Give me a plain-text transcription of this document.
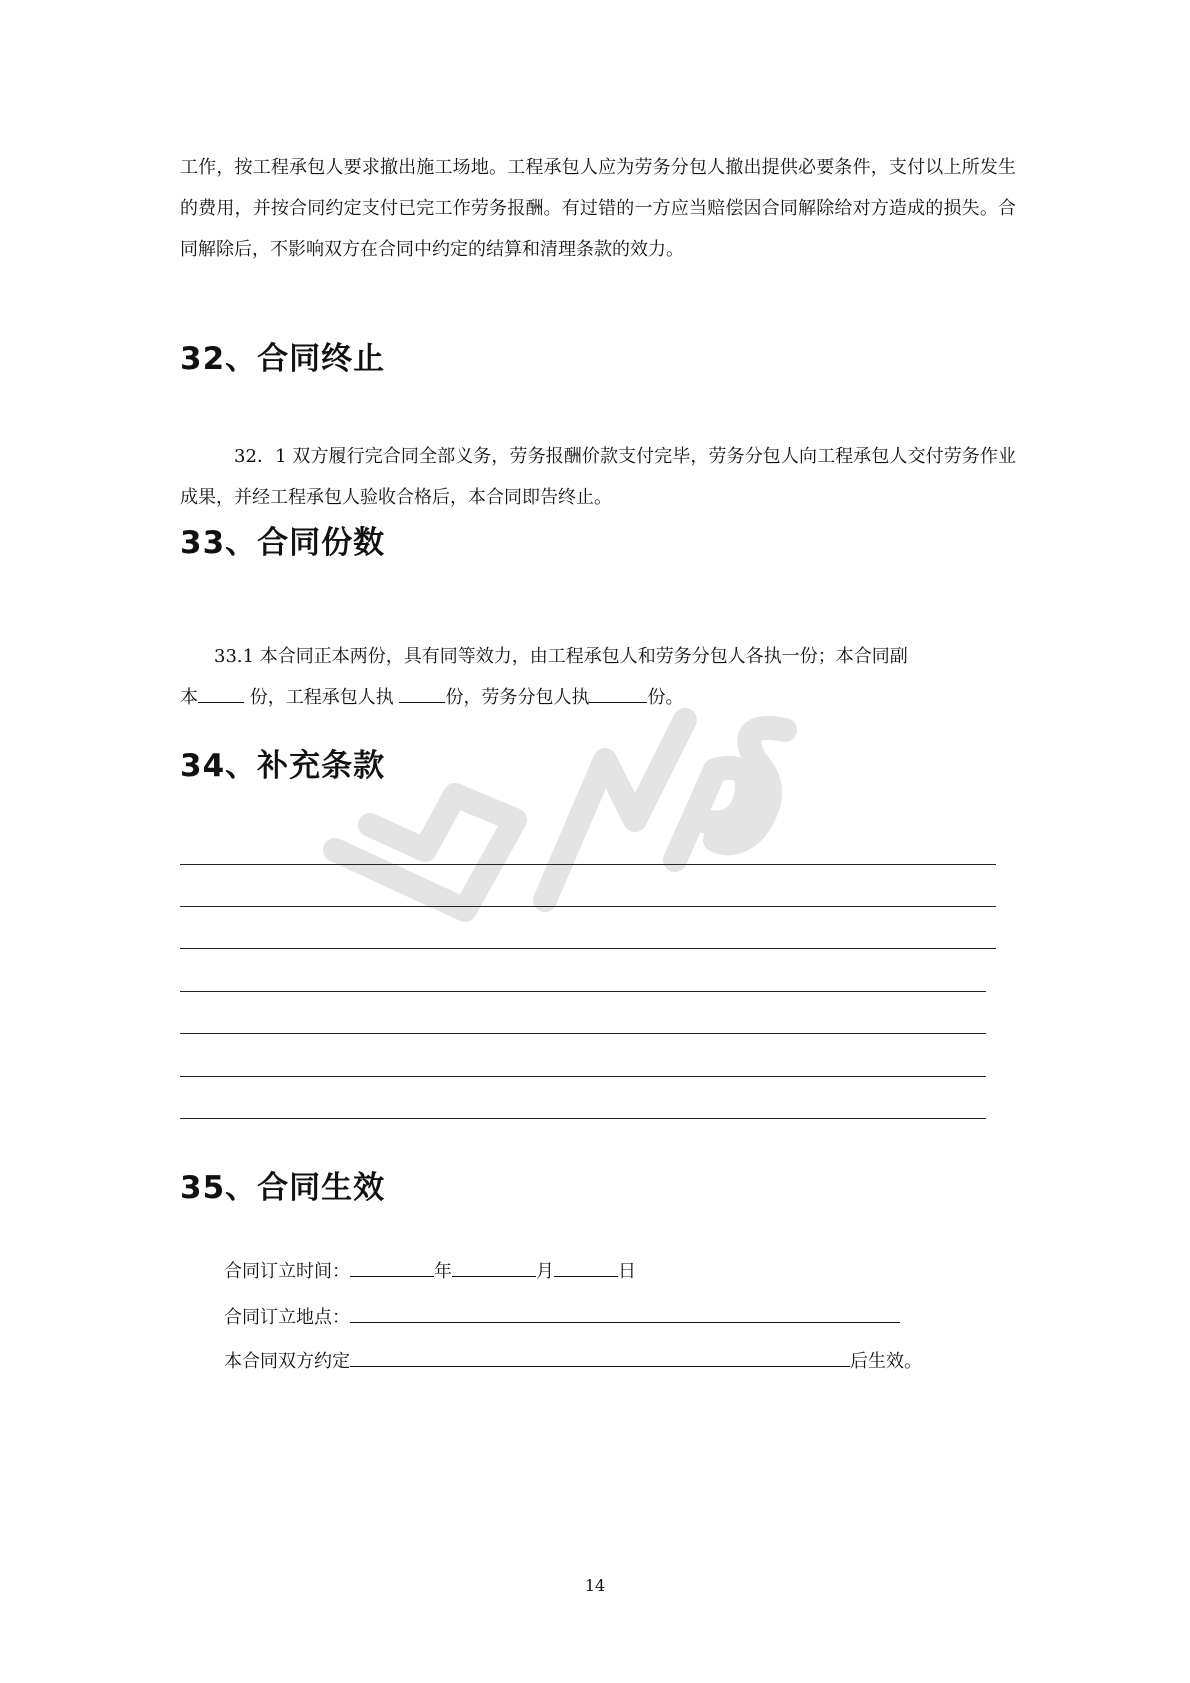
工作，按工程承包人要求撤出施工场地。工程承包人应为劳务分包人撤出提供必要条件，支付以上所发生的费用，并按合同约定支付已完工作劳务报酬。有过错的一方应当赔偿因合同解除给对方造成的损失。合同解除后，不影响双方在合同中约定的结算和清理条款的效力。

32、合同终止

32．1 双方履行完合同全部义务，劳务报酬价款支付完毕，劳务分包人向工程承包人交付劳务作业成果，并经工程承包人验收合格后，本合同即告终止。

33、合同份数
33.1 本合同正本两份，具有同等效力，由工程承包人和劳务分包人各执一份；本合同副
本	份，工程承包人执	份，劳务分包人执	份。
34、补充条款
35、合同生效
合同订立时间：	年	月	日
合同订立地点：
本合同双方约定	后生效。
14
